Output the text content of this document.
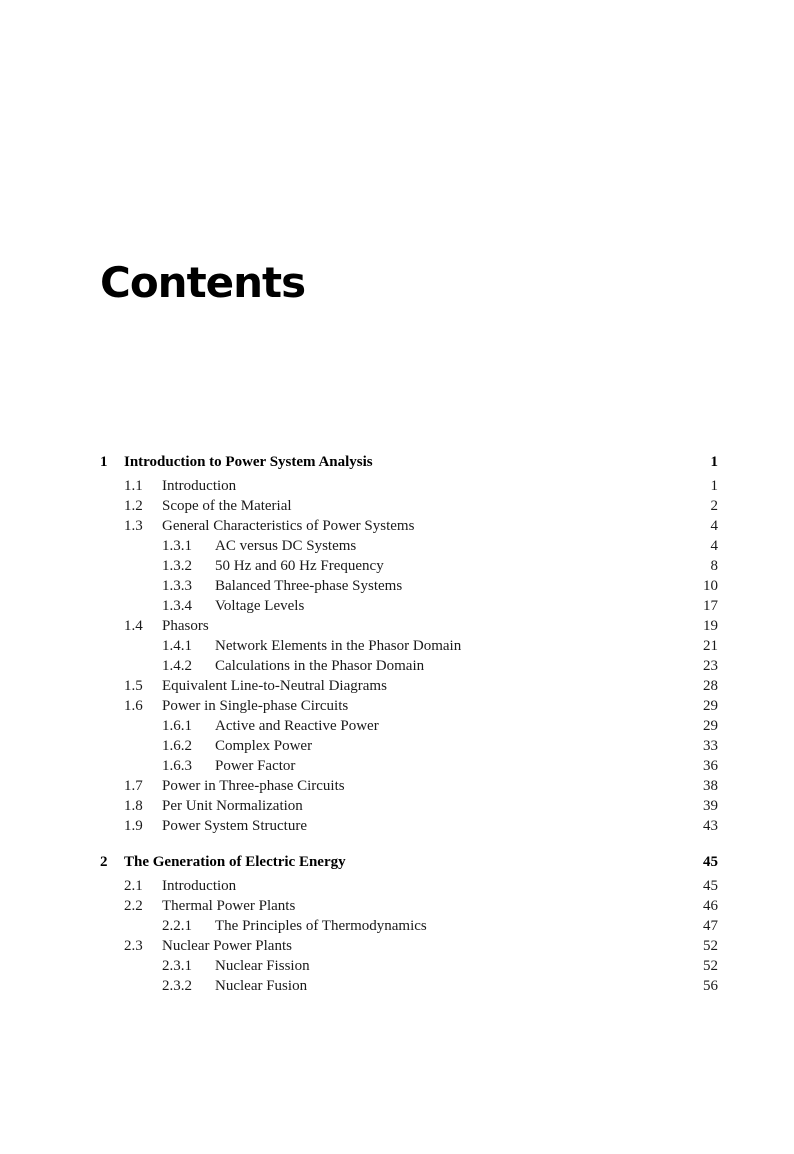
Contents
1 Introduction to Power System Analysis	1
1.1 Introduction	1
1.2 Scope of the Material	2
1.3 General Characteristics of Power Systems	4
1.3.1 AC versus DC Systems	4
1.3.2 50 Hz and 60 Hz Frequency	8
1.3.3 Balanced Three-phase Systems	10
1.3.4 Voltage Levels	17
1.4 Phasors	19
1.4.1 Network Elements in the Phasor Domain	21
1.4.2 Calculations in the Phasor Domain	23
1.5 Equivalent Line-to-Neutral Diagrams	28
1.6 Power in Single-phase Circuits	29
1.6.1 Active and Reactive Power	29
1.6.2 Complex Power	33
1.6.3 Power Factor	36
1.7 Power in Three-phase Circuits	38
1.8 Per Unit Normalization	39
1.9 Power System Structure	43
2 The Generation of Electric Energy	45
2.1 Introduction	45
2.2 Thermal Power Plants	46
2.2.1 The Principles of Thermodynamics	47
2.3 Nuclear Power Plants	52
2.3.1 Nuclear Fission	52
2.3.2 Nuclear Fusion	56
